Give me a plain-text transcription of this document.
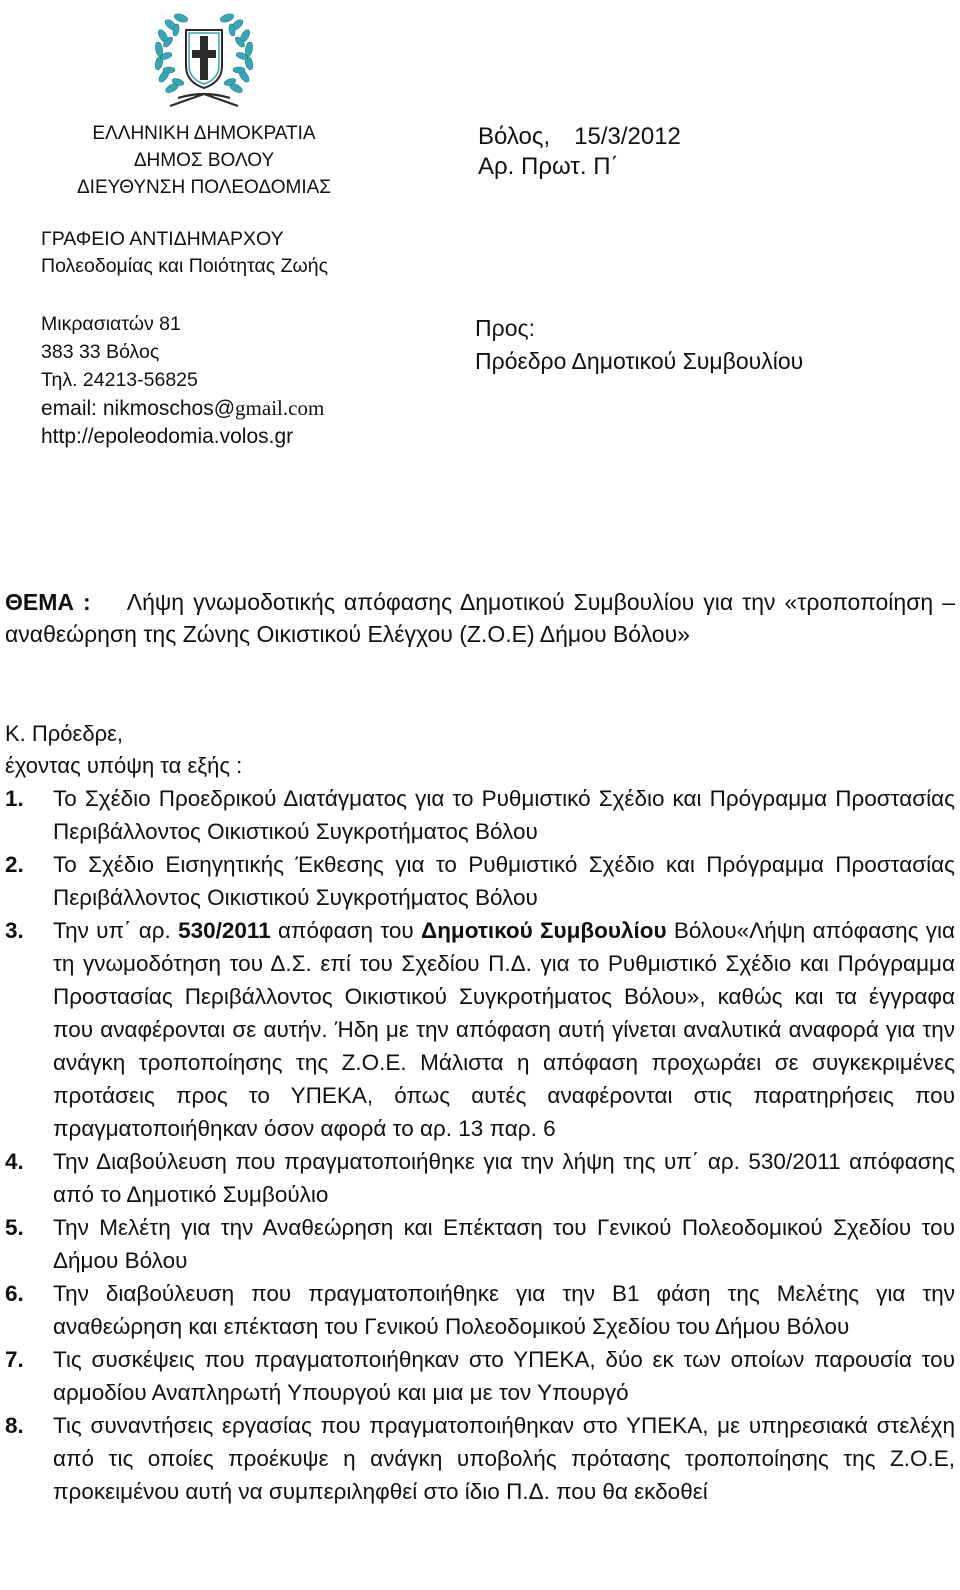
ΕΛΛΗΝΙΚΗ ΔΗΜΟΚΡΑΤΙΑ
ΔΗΜΟΣ ΒΟΛΟΥ
ΔΙΕΥΘΥΝΣΗ ΠΟΛΕΟΔΟΜΙΑΣ
ΓΡΑΦΕΙΟ ΑΝΤΙΔΗΜΑΡΧΟΥ
Πολεοδομίας και Ποιότητας Ζωής
Μικρασιατών 81
383 33 Βόλος
Τηλ. 24213-56825
email: nikmoschos@gmail.com
http://epoleodomia.volos.gr
Βόλος, 15/3/2012
Αρ. Πρωτ. Π΄
Προς:
Πρόεδρο Δημοτικού Συμβουλίου
ΘΕΜΑ : Λήψη γνωμοδοτικής απόφασης Δημοτικού Συμβουλίου για την «τροποποίηση – αναθεώρηση της Ζώνης Οικιστικού Ελέγχου (Ζ.Ο.Ε) Δήμου Βόλου»
Κ. Πρόεδρε,
έχοντας υπόψη τα εξής :
1. Το Σχέδιο Προεδρικού Διατάγματος για το Ρυθμιστικό Σχέδιο και Πρόγραμμα Προστασίας Περιβάλλοντος Οικιστικού Συγκροτήματος Βόλου
2. Το Σχέδιο Εισηγητικής Έκθεσης για το Ρυθμιστικό Σχέδιο και Πρόγραμμα Προστασίας Περιβάλλοντος Οικιστικού Συγκροτήματος Βόλου
3. Την υπ΄ αρ. 530/2011 απόφαση του Δημοτικού Συμβουλίου Βόλου«Λήψη απόφασης για τη γνωμοδότηση του Δ.Σ. επί του Σχεδίου Π.Δ. για το Ρυθμιστικό Σχέδιο και Πρόγραμμα Προστασίας Περιβάλλοντος Οικιστικού Συγκροτήματος Βόλου», καθώς και τα έγγραφα που αναφέρονται σε αυτήν. Ήδη με την απόφαση αυτή γίνεται αναλυτικά αναφορά για την ανάγκη τροποποίησης της Ζ.Ο.Ε. Μάλιστα η απόφαση προχωράει σε συγκεκριμένες προτάσεις προς το ΥΠΕΚΑ, όπως αυτές αναφέρονται στις παρατηρήσεις που πραγματοποιήθηκαν όσον αφορά το αρ. 13 παρ. 6
4. Την Διαβούλευση που πραγματοποιήθηκε για την λήψη της υπ΄ αρ. 530/2011 απόφασης από το Δημοτικό Συμβούλιο
5. Την Μελέτη για την Αναθεώρηση και Επέκταση του Γενικού Πολεοδομικού Σχεδίου του Δήμου Βόλου
6. Την διαβούλευση που πραγματοποιήθηκε για την Β1 φάση της Μελέτης για την αναθεώρηση και επέκταση του Γενικού Πολεοδομικού Σχεδίου του Δήμου Βόλου
7. Τις συσκέψεις που πραγματοποιήθηκαν στο ΥΠΕΚΑ, δύο εκ των οποίων παρουσία του αρμοδίου Αναπληρωτή Υπουργού και μια με τον Υπουργό
8. Τις συναντήσεις εργασίας που πραγματοποιήθηκαν στο ΥΠΕΚΑ, με υπηρεσιακά στελέχη από τις οποίες προέκυψε η ανάγκη υποβολής πρότασης τροποποίησης της Ζ.Ο.Ε, προκειμένου αυτή να συμπεριληφθεί στο ίδιο Π.Δ. που θα εκδοθεί
